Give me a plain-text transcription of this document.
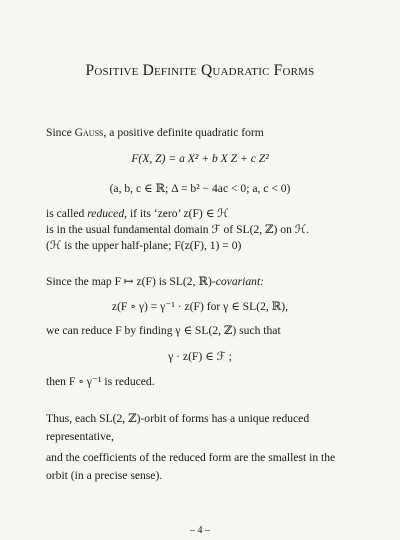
Positive Definite Quadratic Forms
Since Gauss, a positive definite quadratic form
F(X, Z) = a X² + b X Z + c Z²
(a, b, c ∈ ℝ; Δ = b² − 4ac < 0; a, c < 0)
is called reduced, if its ‘zero’ z(F) ∈ ℋ
is in the usual fundamental domain ℱ of SL(2, ℤ) on ℋ.
(ℋ is the upper half-plane; F(z(F), 1) = 0)
Since the map F ↦ z(F) is SL(2, ℝ)-covariant:
z(F ∘ γ) = γ⁻¹ · z(F) for γ ∈ SL(2, ℝ),
we can reduce F by finding γ ∈ SL(2, ℤ) such that
γ · z(F) ∈ ℱ ;
then F ∘ γ⁻¹ is reduced.
Thus, each SL(2, ℤ)-orbit of forms has a unique reduced
representative,
and the coefficients of the reduced form are the smallest in the
orbit (in a precise sense).
– 4 –
